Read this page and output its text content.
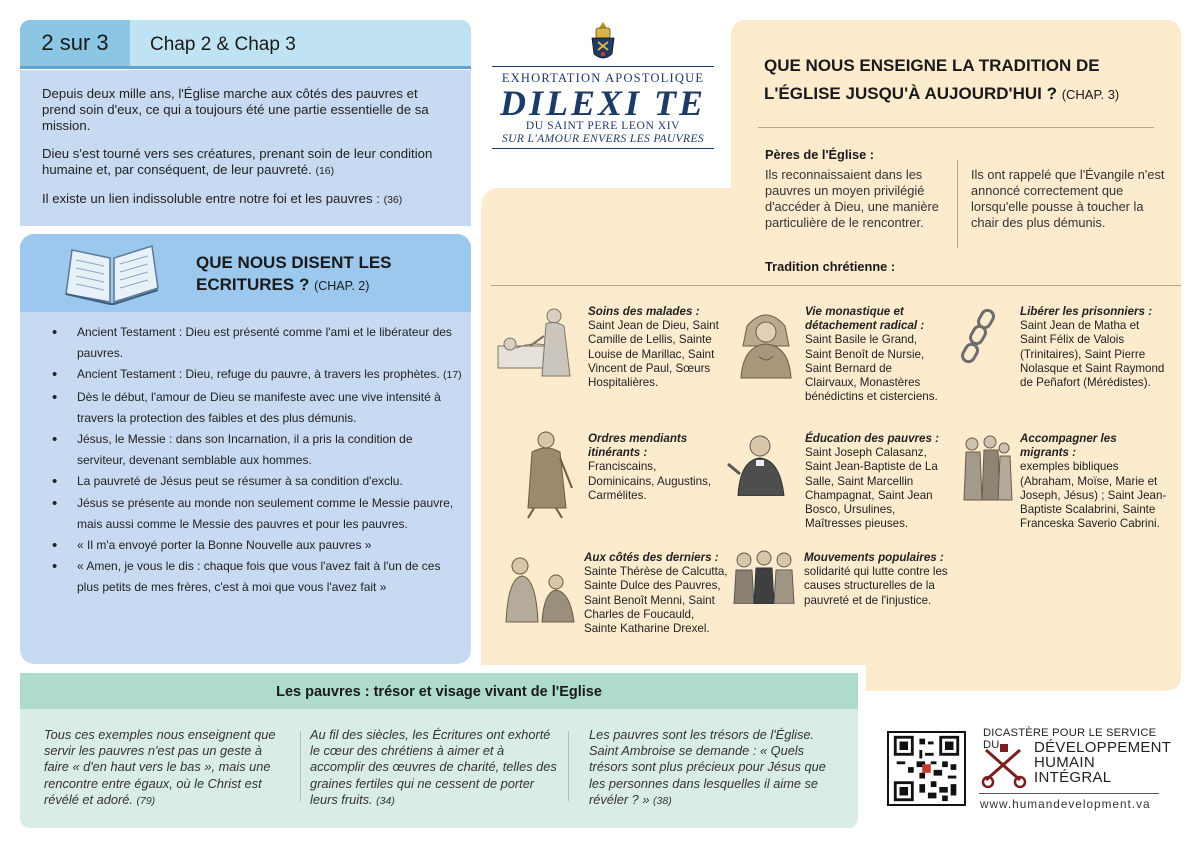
2 sur 3	Chap 2 & Chap 3

Depuis deux mille ans, l'Église marche aux côtés des pauvres et prend soin d'eux, ce qui a toujours été une partie essentielle de sa mission.

Dieu s'est tourné vers ses créatures, prenant soin de leur condition humaine et, par conséquent, de leur pauvreté. (16)

Il existe un lien indissoluble entre notre foi et les pauvres : (36)

EXHORTATION APOSTOLIQUE
DILEXI TE
DU SAINT PERE LEON XIV
SUR L'AMOUR ENVERS LES PAUVRES
QUE NOUS DISENT LES
ECRITURES ? (CHAP. 2)
• Ancient Testament : Dieu est présenté comme l'ami et le libérateur des pauvres.
• Ancient Testament : Dieu, refuge du pauvre, à travers les prophètes. (17)
• Dès le début, l'amour de Dieu se manifeste avec une vive intensité à travers la protection des faibles et des plus démunis.
• Jésus, le Messie : dans son Incarnation, il a pris la condition de serviteur, devenant semblable aux hommes.
• La pauvreté de Jésus peut se résumer à sa condition d'exclu.
• Jésus se présente au monde non seulement comme le Messie pauvre, mais aussi comme le Messie des pauvres et pour les pauvres.
• « Il m'a envoyé porter la Bonne Nouvelle aux pauvres »
• « Amen, je vous le dis : chaque fois que vous l'avez fait à l'un de ces plus petits de mes frères, c'est à moi que vous l'avez fait »
QUE NOUS ENSEIGNE LA TRADITION DE
L'ÉGLISE JUSQU'À AUJOURD'HUI ? (CHAP. 3)
Pères de l'Église :
Ils reconnaissaient dans les pauvres un moyen privilégié d'accéder à Dieu, une manière particulière de le rencontrer.
Ils ont rappelé que l'Évangile n'est annoncé correctement que lorsqu'elle pousse à toucher la chair des plus démunis.
Tradition chrétienne :
Soins des malades :
Saint Jean de Dieu, Saint Camille de Lellis, Sainte Louise de Marillac, Saint Vincent de Paul, Sœurs Hospitalières.
Vie monastique et détachement radical :
Saint Basile le Grand, Saint Benoît de Nursie, Saint Bernard de Clairvaux, Monastères bénédictins et cisterciens.
Libérer les prisonniers :
Saint Jean de Matha et Saint Félix de Valois (Trinitaires), Saint Pierre Nolasque et Saint Raymond de Peñafort (Mérédistes).
Ordres mendiants itinérants :
Franciscains, Dominicains, Augustins, Carmélites.
Éducation des pauvres :
Saint Joseph Calasanz, Saint Jean-Baptiste de La Salle, Saint Marcellin Champagnat, Saint Jean Bosco, Ursulines, Maîtresses pieuses.
Accompagner les migrants :
exemples bibliques (Abraham, Moïse, Marie et Joseph, Jésus) ; Saint Jean-Baptiste Scalabrini, Sainte Franceska Saverio Cabrini.
Aux côtés des derniers :
Sainte Thérèse de Calcutta, Sainte Dulce des Pauvres, Saint Benoît Menni, Saint Charles de Foucauld, Sainte Katharine Drexel.
Mouvements populaires :
solidarité qui lutte contre les causes structurelles de la pauvreté et de l'injustice.
Les pauvres : trésor et visage vivant de l'Eglise
Tous ces exemples nous enseignent que servir les pauvres n'est pas un geste à faire « d'en haut vers le bas », mais une rencontre entre égaux, où le Christ est révélé et adoré. (79)
Au fil des siècles, les Écritures ont exhorté le cœur des chrétiens à aimer et à accomplir des œuvres de charité, telles des graines fertiles qui ne cessent de porter leurs fruits. (34)
Les pauvres sont les trésors de l'Église. Saint Ambroise se demande : « Quels trésors sont plus précieux pour Jésus que les personnes dans lesquelles il aime se révéler ? » (38)
DICASTÈRE POUR LE SERVICE DU	DÉVELOPPEMENT
HUMAIN
INTÉGRAL
www.humandevelopment.va
